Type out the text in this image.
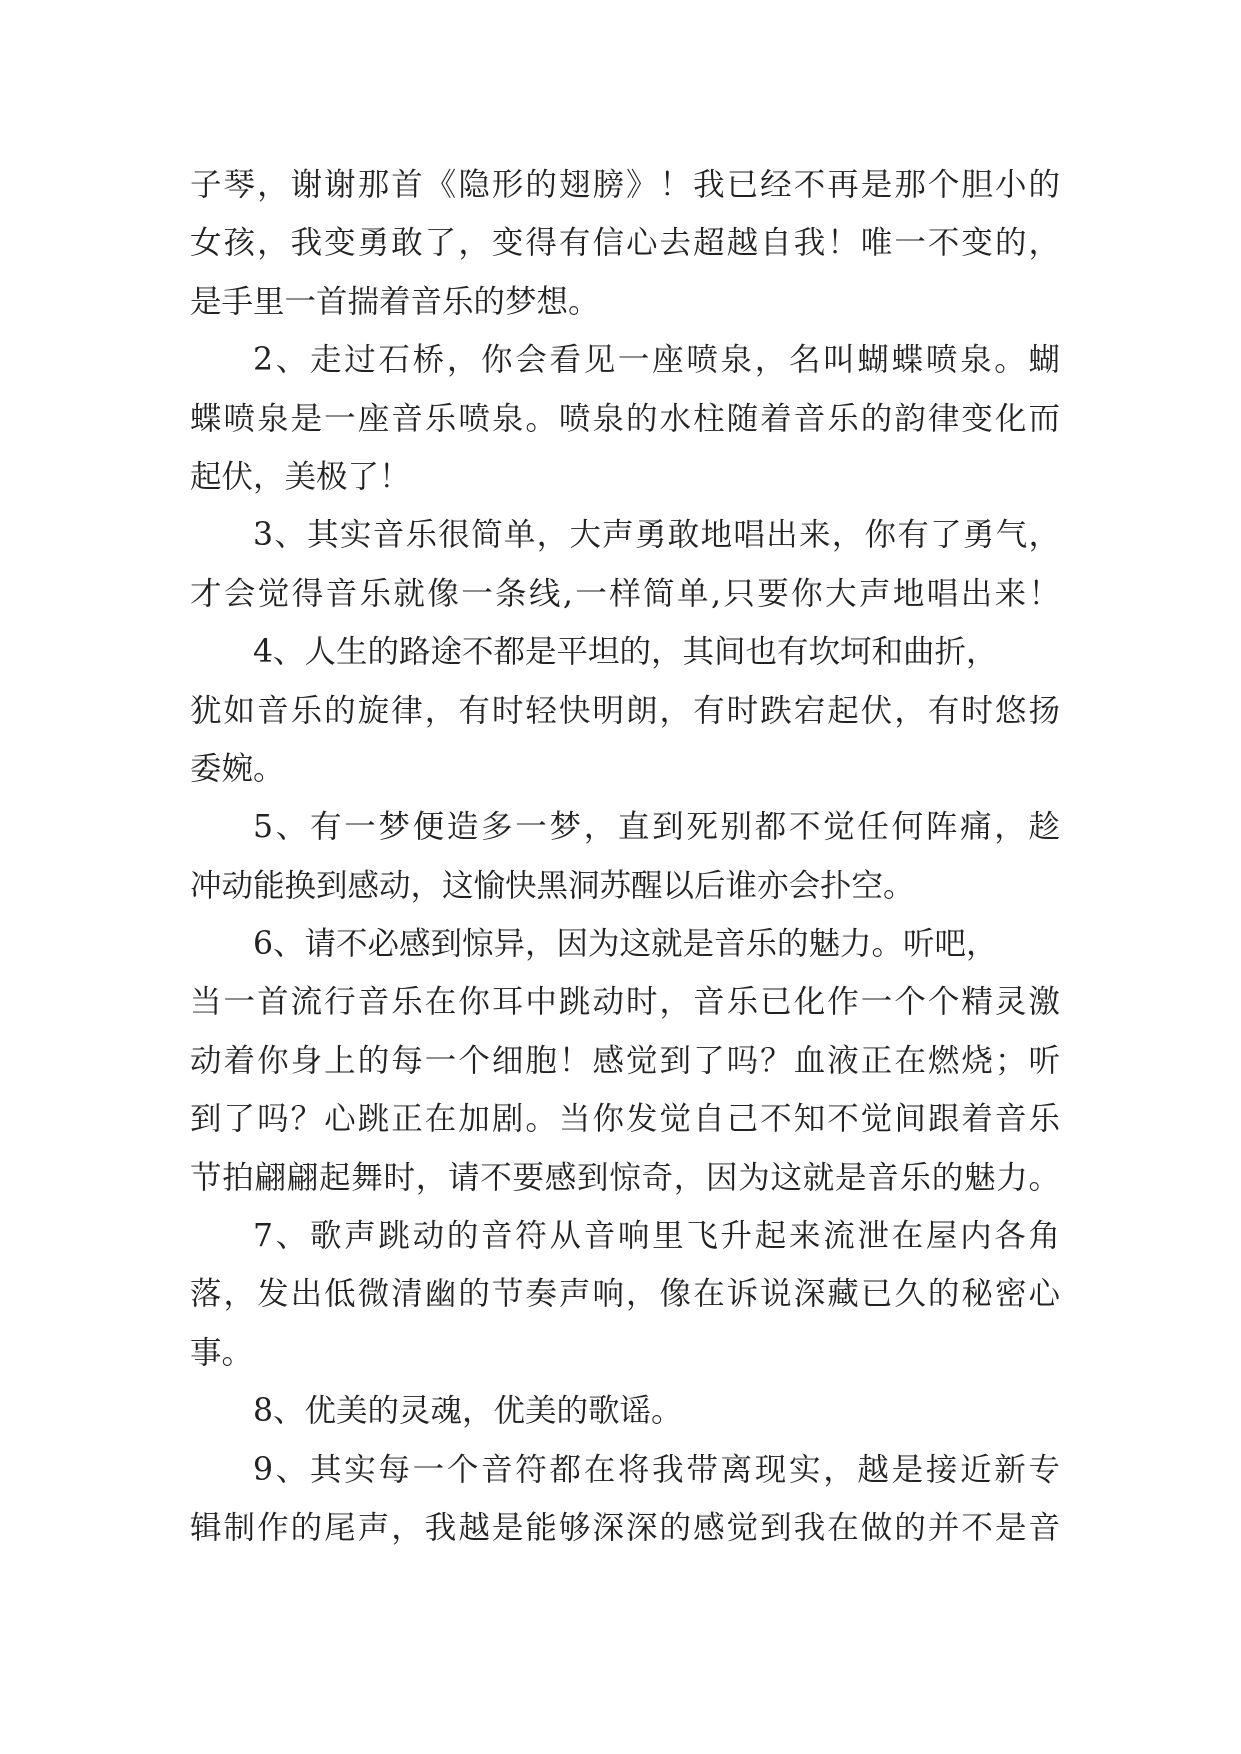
子琴，谢谢那首《隐形的翅膀》！我已经不再是那个胆小的
女孩，我变勇敢了，变得有信心去超越自我！唯一不变的，
是手里一首揣着音乐的梦想。
2、走过石桥，你会看见一座喷泉，名叫蝴蝶喷泉。蝴
蝶喷泉是一座音乐喷泉。喷泉的水柱随着音乐的韵律变化而
起伏，美极了！
3、其实音乐很简单，大声勇敢地唱出来，你有了勇气，
才会觉得音乐就像一条线,一样简单,只要你大声地唱出来！
4、人生的路途不都是平坦的，其间也有坎坷和曲折，
犹如音乐的旋律，有时轻快明朗，有时跌宕起伏，有时悠扬
委婉。
5、有一梦便造多一梦，直到死别都不觉任何阵痛，趁
冲动能换到感动，这愉快黑洞苏醒以后谁亦会扑空。
6、请不必感到惊异，因为这就是音乐的魅力。听吧，
当一首流行音乐在你耳中跳动时，音乐已化作一个个精灵激
动着你身上的每一个细胞！感觉到了吗？血液正在燃烧；听
到了吗？心跳正在加剧。当你发觉自己不知不觉间跟着音乐
节拍翩翩起舞时，请不要感到惊奇，因为这就是音乐的魅力。
7、歌声跳动的音符从音响里飞升起来流泄在屋内各角
落，发出低微清幽的节奏声响，像在诉说深藏已久的秘密心
事。
8、优美的灵魂，优美的歌谣。
9、其实每一个音符都在将我带离现实，越是接近新专
辑制作的尾声，我越是能够深深的感觉到我在做的并不是音
